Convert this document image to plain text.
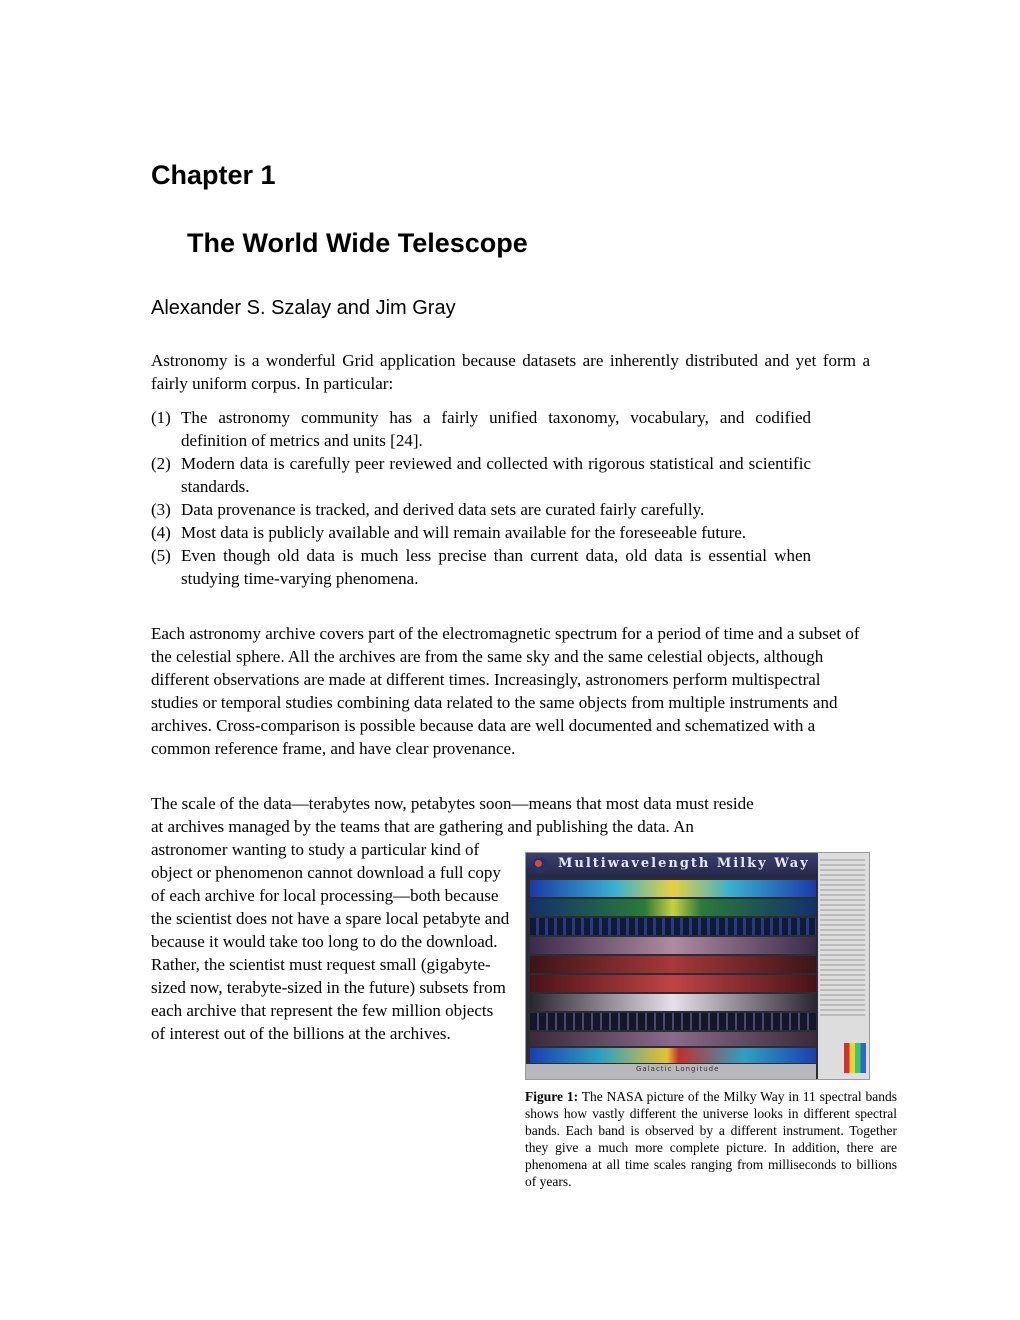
Chapter 1
The World Wide Telescope
Alexander S. Szalay and Jim Gray
Astronomy is a wonderful Grid application because datasets are inherently distributed and yet form a fairly uniform corpus. In particular:
(1) The astronomy community has a fairly unified taxonomy, vocabulary, and codified definition of metrics and units [24].
(2) Modern data is carefully peer reviewed and collected with rigorous statistical and scientific standards.
(3) Data provenance is tracked, and derived data sets are curated fairly carefully.
(4) Most data is publicly available and will remain available for the foreseeable future.
(5) Even though old data is much less precise than current data, old data is essential when studying time-varying phenomena.
Each astronomy archive covers part of the electromagnetic spectrum for a period of time and a subset of the celestial sphere. All the archives are from the same sky and the same celestial objects, although different observations are made at different times. Increasingly, astronomers perform multispectral studies or temporal studies combining data related to the same objects from multiple instruments and archives. Cross-comparison is possible because data are well documented and schematized with a common reference frame, and have clear provenance.
The scale of the data—terabytes now, petabytes soon—means that most data must reside
at archives managed by the teams that are gathering and publishing the data. An
astronomer wanting to study a particular kind of object or phenomenon cannot download a full copy of each archive for local processing—both because the scientist does not have a spare local petabyte and because it would take too long to do the download. Rather, the scientist must request small (gigabyte-sized now, terabyte-sized in the future) subsets from each archive that represent the few million objects of interest out of the billions at the archives.
Multiwavelength Milky Way
Galactic Longitude
Figure 1: The NASA picture of the Milky Way in 11 spectral bands shows how vastly different the universe looks in different spectral bands. Each band is observed by a different instrument. Together they give a much more complete picture. In addition, there are phenomena at all time scales ranging from milliseconds to billions of years.
